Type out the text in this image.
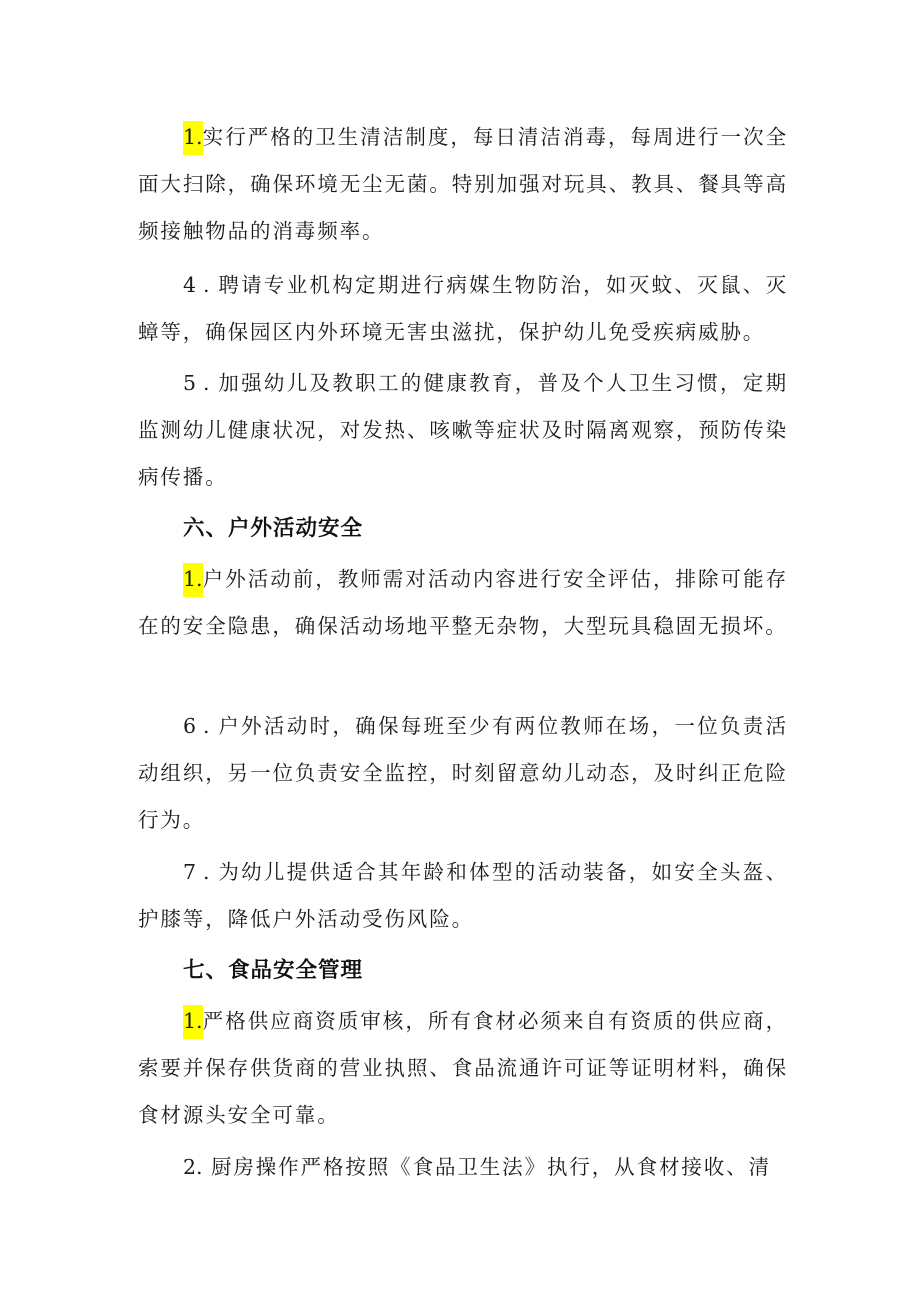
1.实行严格的卫生清洁制度，每日清洁消毒，每周进行一次全面大扫除，确保环境无尘无菌。特别加强对玩具、教具、餐具等高频接触物品的消毒频率。

4 . 聘请专业机构定期进行病媒生物防治，如灭蚊、灭鼠、灭蟑等，确保园区内外环境无害虫滋扰，保护幼儿免受疾病威胁。

5 . 加强幼儿及教职工的健康教育，普及个人卫生习惯，定期监测幼儿健康状况，对发热、咳嗽等症状及时隔离观察，预防传染病传播。

六、户外活动安全

1.户外活动前，教师需对活动内容进行安全评估，排除可能存在的安全隐患，确保活动场地平整无杂物，大型玩具稳固无损坏。

6 . 户外活动时，确保每班至少有两位教师在场，一位负责活动组织，另一位负责安全监控，时刻留意幼儿动态，及时纠正危险行为。

7 . 为幼儿提供适合其年龄和体型的活动装备，如安全头盔、护膝等，降低户外活动受伤风险。

七、食品安全管理

1.严格供应商资质审核，所有食材必须来自有资质的供应商，索要并保存供货商的营业执照、食品流通许可证等证明材料，确保食材源头安全可靠。

2. 厨房操作严格按照《食品卫生法》执行，从食材接收、清
